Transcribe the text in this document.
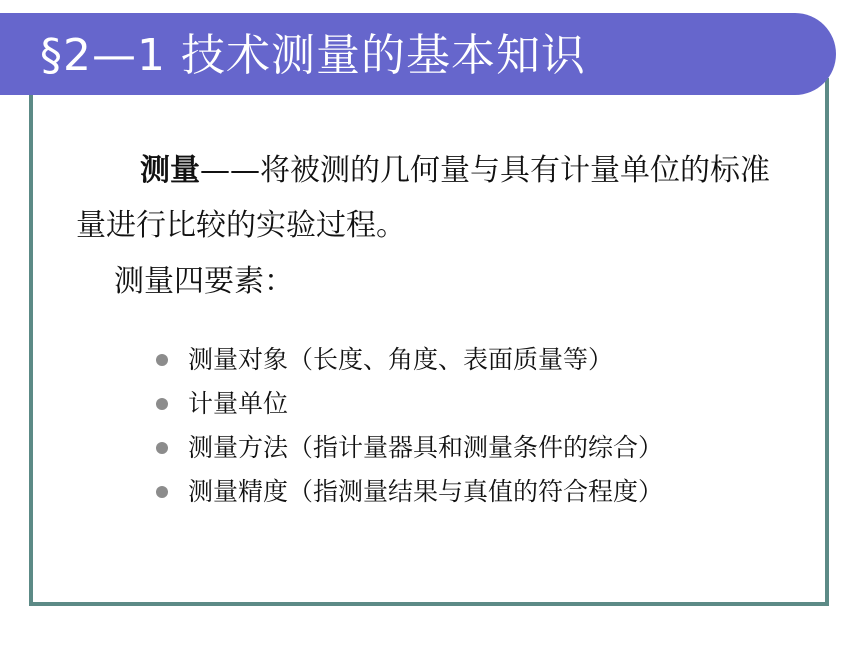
§2—1 技术测量的基本知识
测量——将被测的几何量与具有计量单位的标准量进行比较的实验过程。
测量四要素：
测量对象（长度、角度、表面质量等）
计量单位
测量方法（指计量器具和测量条件的综合）
测量精度（指测量结果与真值的符合程度）
